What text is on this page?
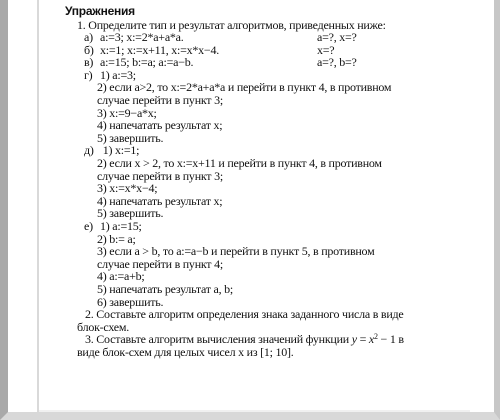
Упражнения
1. Определите тип и результат алгоритмов, приведенных ниже:
а) a:=3; x:=2*a+a*a.	a=?, x=?
б) x:=1; x:=x+11, x:=x*x−4.	x=?
в) a:=15; b:=a; a:=a−b.	a=?, b=?
г) 1) a:=3;
2) если a>2, то x:=2*a+a*a и перейти в пункт 4, в противном
случае перейти в пункт 3;
3) x:=9−a*x;
4) напечатать результат x;
5) завершить.
д) 1) x:=1;
2) если x > 2, то x:=x+11 и перейти в пункт 4, в противном
случае перейти в пункт 3;
3) x:=x*x−4;
4) напечатать результат x;
5) завершить.
е) 1) a:=15;
2) b:= a;
3) если a > b, то a:=a−b и перейти в пункт 5, в противном
случае перейти в пункт 4;
4) a:=a+b;
5) напечатать результат a, b;
6) завершить.
2. Составьте алгоритм определения знака заданного числа в виде
блок-схем.
3. Составьте алгоритм вычисления значений функции $y = x^2 - 1$ в
виде блок-схем для целых чисел x из [1; 10].
